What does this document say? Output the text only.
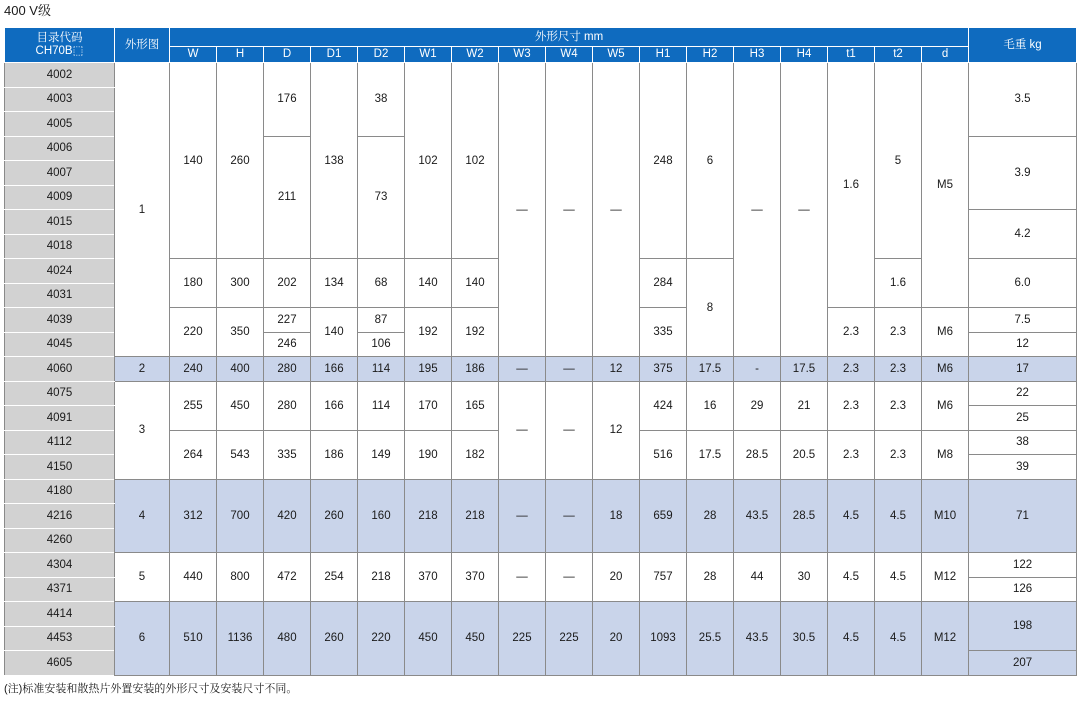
400 V级
目录代码
CH70B⬚	外形图	外形尺寸 mm																	毛重 kg
		W	H	D	D1	D2	W1	W2	W3	W4	W5	H1	H2	H3	H4	t1	t2	d	
4002	1	140	260	176	138	38	102	102	—	—	—	248	6	—	—	1.6	5	M5	3.5
4003																			
4005																			
4006				211		73													3.9
4007																			
4009																			
4015																			4.2
4018																			
4024		180	300	202	134	68	140	140				284	8				1.6		6.0
4031																			
4039		220	350	227	140	87	192	192				335				2.3	2.3	M6	7.5
4045				246		106													12
4060	2	240	400	280	166	114	195	186	—	—	12	375	17.5	-	17.5	2.3	2.3	M6	17
4075	3	255	450	280	166	114	170	165	—	—	12	424	16	29	21	2.3	2.3	M6	22
4091																			25
4112		264	543	335	186	149	190	182				516	17.5	28.5	20.5	2.3	2.3	M8	38
4150																			39
4180	4	312	700	420	260	160	218	218	—	—	18	659	28	43.5	28.5	4.5	4.5	M10	71
4216																			
4260																			
4304	5	440	800	472	254	218	370	370	—	—	20	757	28	44	30	4.5	4.5	M12	122
4371																			126
4414	6	510	1136	480	260	220	450	450	225	225	20	1093	25.5	43.5	30.5	4.5	4.5	M12	198
4453																			
4605																			207
(注)标准安装和散热片外置安装的外形尺寸及安装尺寸不同。
